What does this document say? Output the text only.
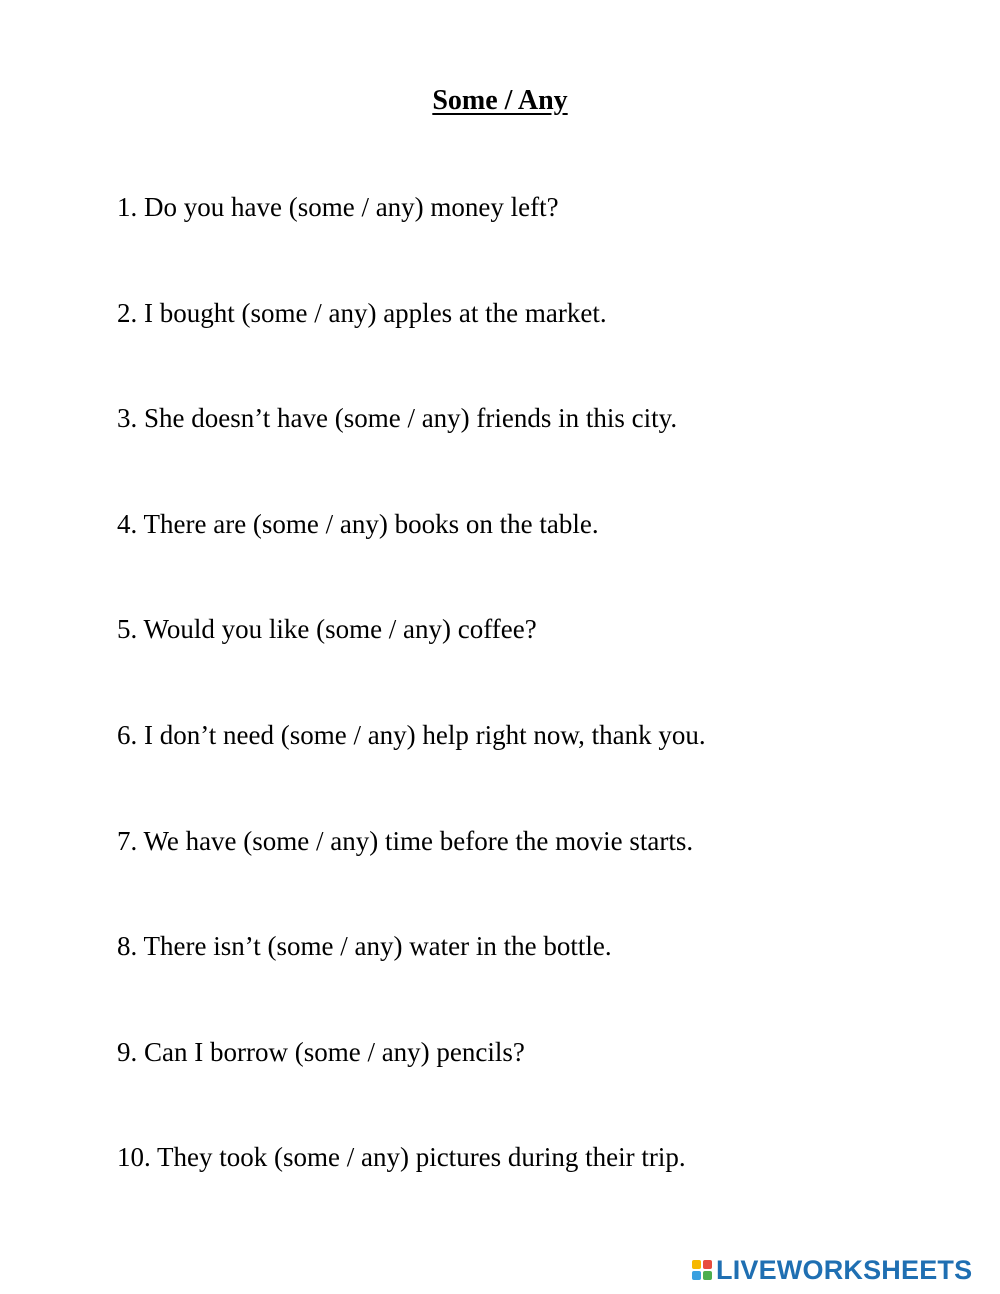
Some / Any
1. Do you have (some / any) money left?
2. I bought (some / any) apples at the market.
3. She doesn’t have (some / any) friends in this city.
4. There are (some / any) books on the table.
5. Would you like (some / any) coffee?
6. I don’t need (some / any) help right now, thank you.
7. We have (some / any) time before the movie starts.
8. There isn’t (some / any) water in the bottle.
9. Can I borrow (some / any) pencils?
10. They took (some / any) pictures during their trip.
LIVEWORKSHEETS
